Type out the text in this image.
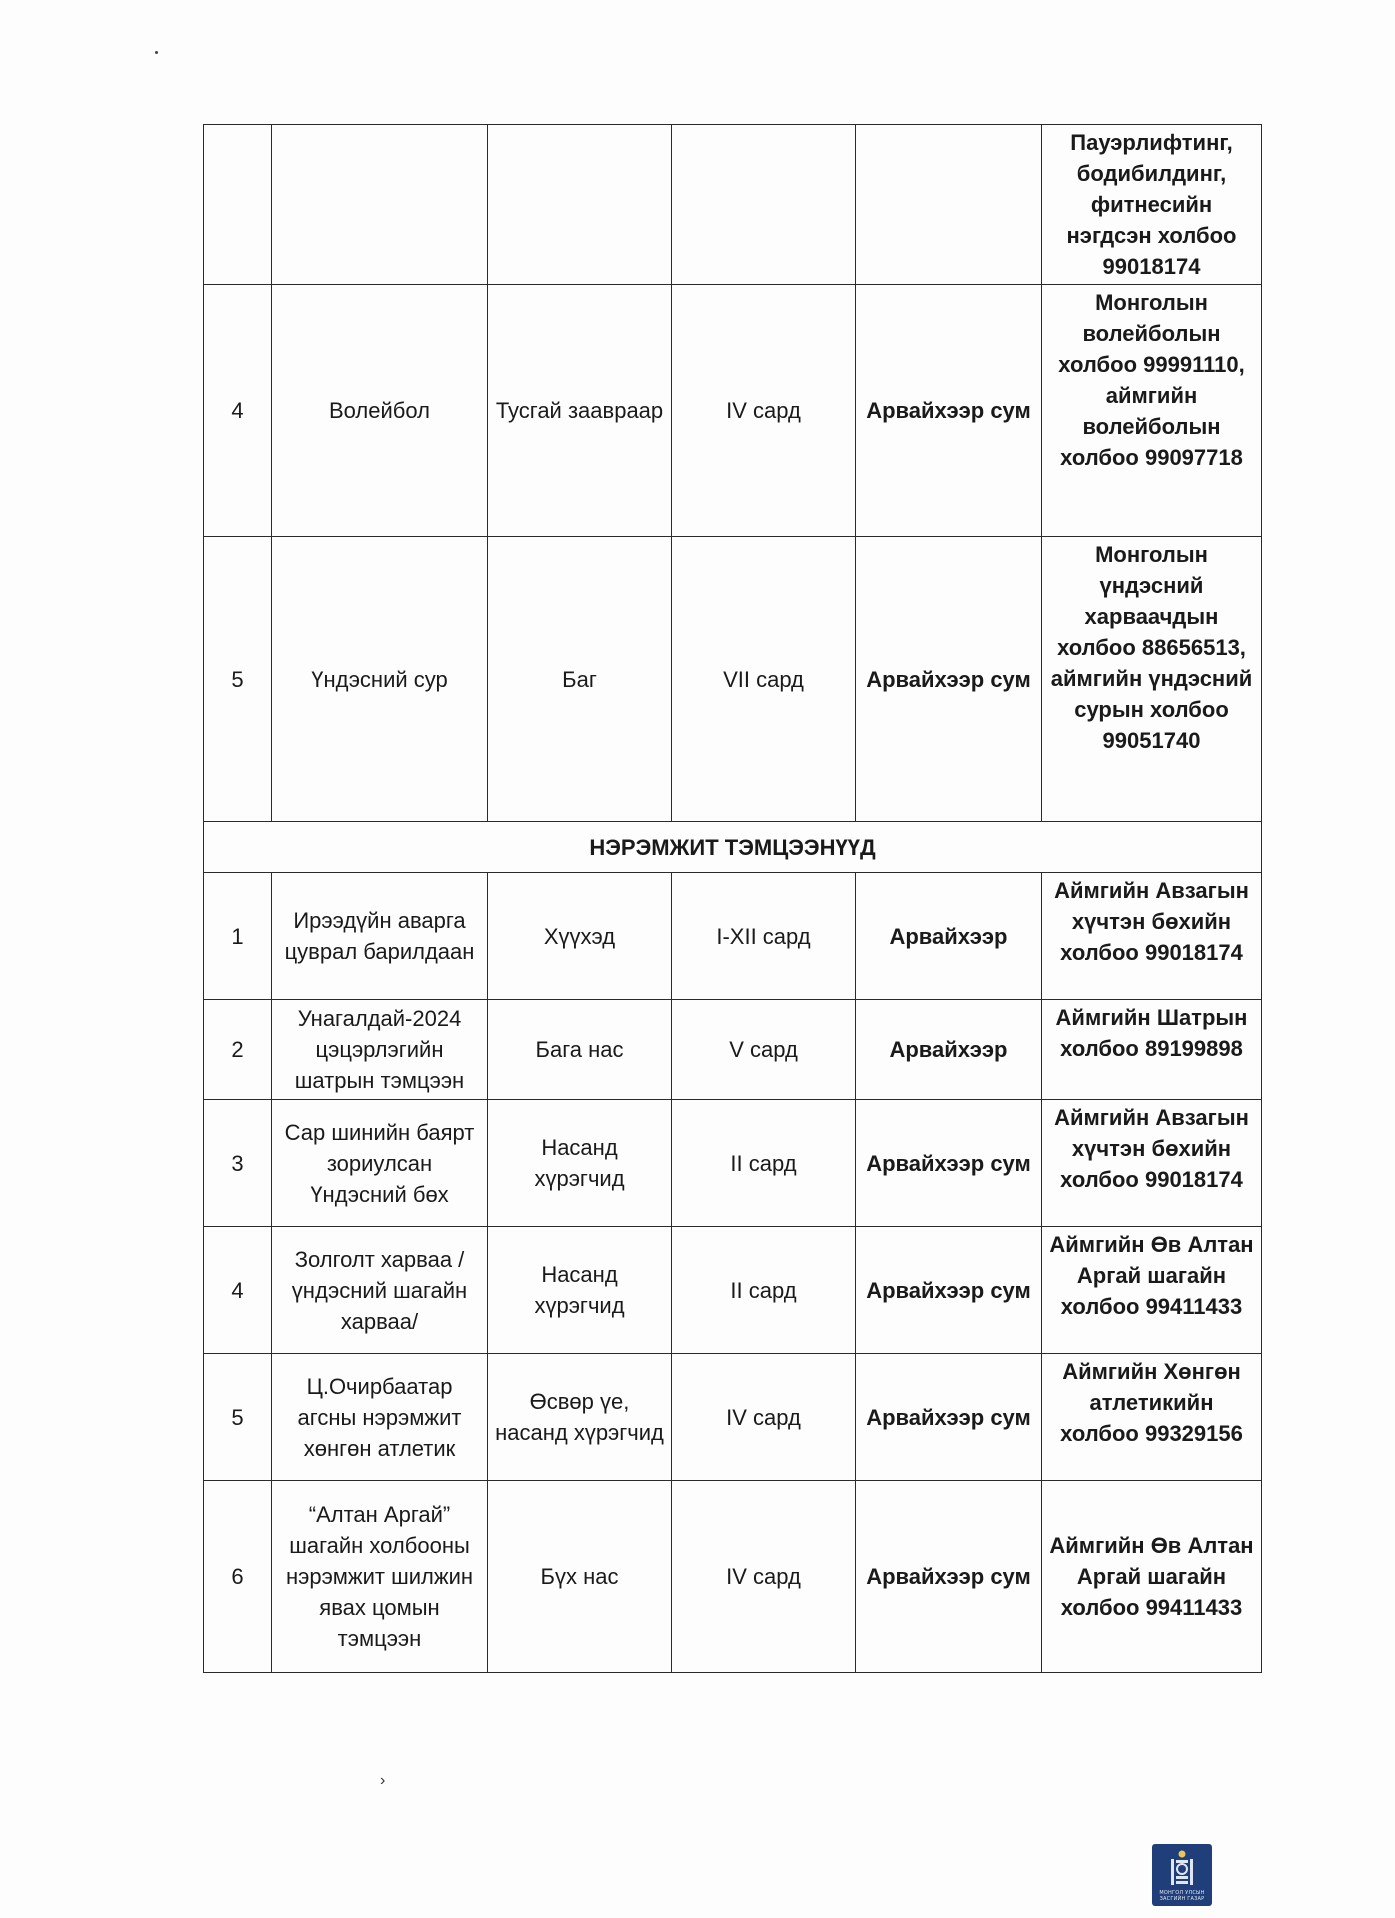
					Пауэрлифтинг, бодибилдинг, фитнесийн нэгдсэн холбоо 99018174
4	Волейбол	Тусгай заавраар	IV сард	Арвайхээр сум	Монголын волейболын холбоо 99991110, аймгийн волейболын холбоо 99097718
5	Үндэсний сур	Баг	VII сард	Арвайхээр сум	Монголын үндэсний харваачдын холбоо 88656513, аймгийн үндэсний сурын холбоо 99051740
НЭРЭМЖИТ ТЭМЦЭЭНҮҮД					
1	Ирээдүйн аварга цуврал барилдаан	Хүүхэд	I-XII сард	Арвайхээр	Аймгийн Авзагын хүчтэн бөхийн холбоо 99018174
2	Унагалдай-2024 цэцэрлэгийн шатрын тэмцээн	Бага нас	V сард	Арвайхээр	Аймгийн Шатрын холбоо 89199898
3	Сар шинийн баярт зориулсан Үндэсний бөх	Насанд хүрэгчид	II сард	Арвайхээр сум	Аймгийн Авзагын хүчтэн бөхийн холбоо 99018174
4	Золголт харваа /үндэсний шагайн харваа/	Насанд хүрэгчид	II сард	Арвайхээр сум	Аймгийн Өв Алтан Аргай шагайн холбоо 99411433
5	Ц.Очирбаатар агсны нэрэмжит хөнгөн атлетик	Өсвөр үе, насанд хүрэгчид	IV сард	Арвайхээр сум	Аймгийн Хөнгөн атлетикийн холбоо 99329156
6	“Алтан Аргай” шагайн холбооны нэрэмжит шилжин явах цомын тэмцээн	Бүх нас	IV сард	Арвайхээр сум	Аймгийн Өв Алтан Аргай шагайн холбоо 99411433
›
МОНГОЛ УЛСЫН ЗАСГИЙН ГАЗАР
